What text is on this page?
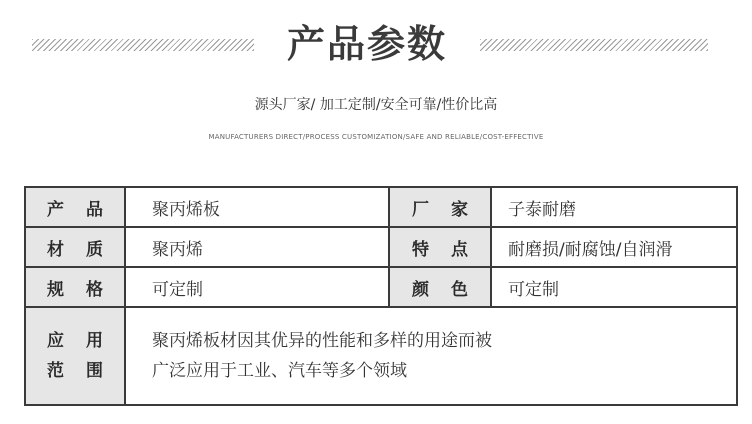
产品参数
源头厂家/ 加工定制/安全可靠/性价比高
MANUFACTURERS DIRECT/PROCESS CUSTOMIZATION/SAFE AND RELIABLE/COST-EFFECTIVE
产 品	聚丙烯板	厂 家	子泰耐磨
材 质	聚丙烯	特 点	耐磨损/耐腐蚀/自润滑
规 格	可定制	颜 色	可定制

应 用
范 围	聚丙烯板材因其优异的性能和多样的用途而被
广泛应用于工业、汽车等多个领域		
